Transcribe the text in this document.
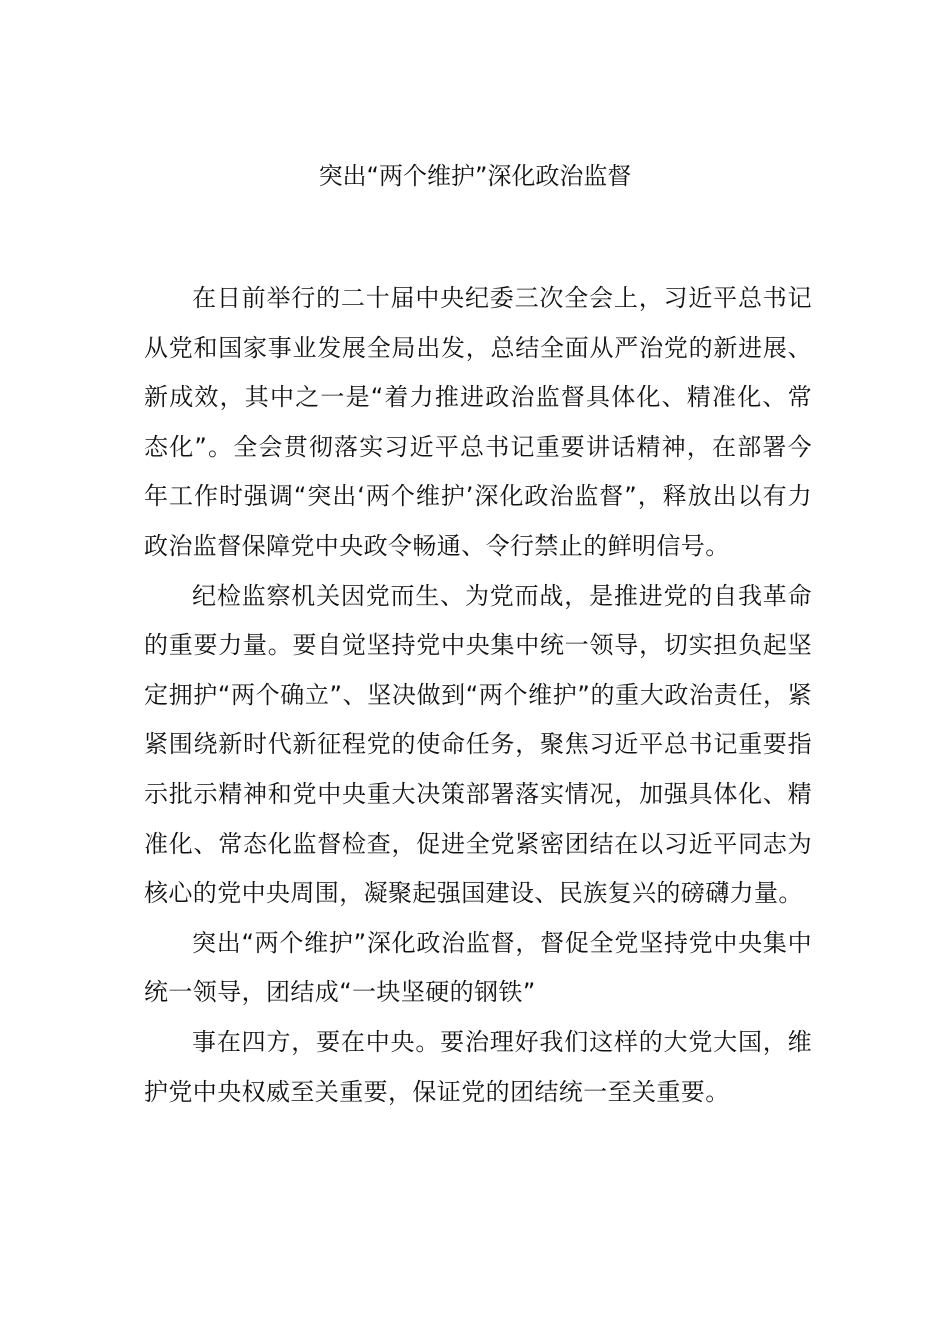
突出“两个维护”深化政治监督

在日前举行的二十届中央纪委三次全会上，习近平总书记从党和国家事业发展全局出发，总结全面从严治党的新进展、新成效，其中之一是“着力推进政治监督具体化、精准化、常态化”。全会贯彻落实习近平总书记重要讲话精神，在部署今年工作时强调“突出‘两个维护’深化政治监督”，释放出以有力政治监督保障党中央政令畅通、令行禁止的鲜明信号。

纪检监察机关因党而生、为党而战，是推进党的自我革命的重要力量。要自觉坚持党中央集中统一领导，切实担负起坚定拥护“两个确立”、坚决做到“两个维护”的重大政治责任，紧紧围绕新时代新征程党的使命任务，聚焦习近平总书记重要指示批示精神和党中央重大决策部署落实情况，加强具体化、精准化、常态化监督检查，促进全党紧密团结在以习近平同志为核心的党中央周围，凝聚起强国建设、民族复兴的磅礴力量。

突出“两个维护”深化政治监督，督促全党坚持党中央集中统一领导，团结成“一块坚硬的钢铁”

事在四方，要在中央。要治理好我们这样的大党大国，维护党中央权威至关重要，保证党的团结统一至关重要。
